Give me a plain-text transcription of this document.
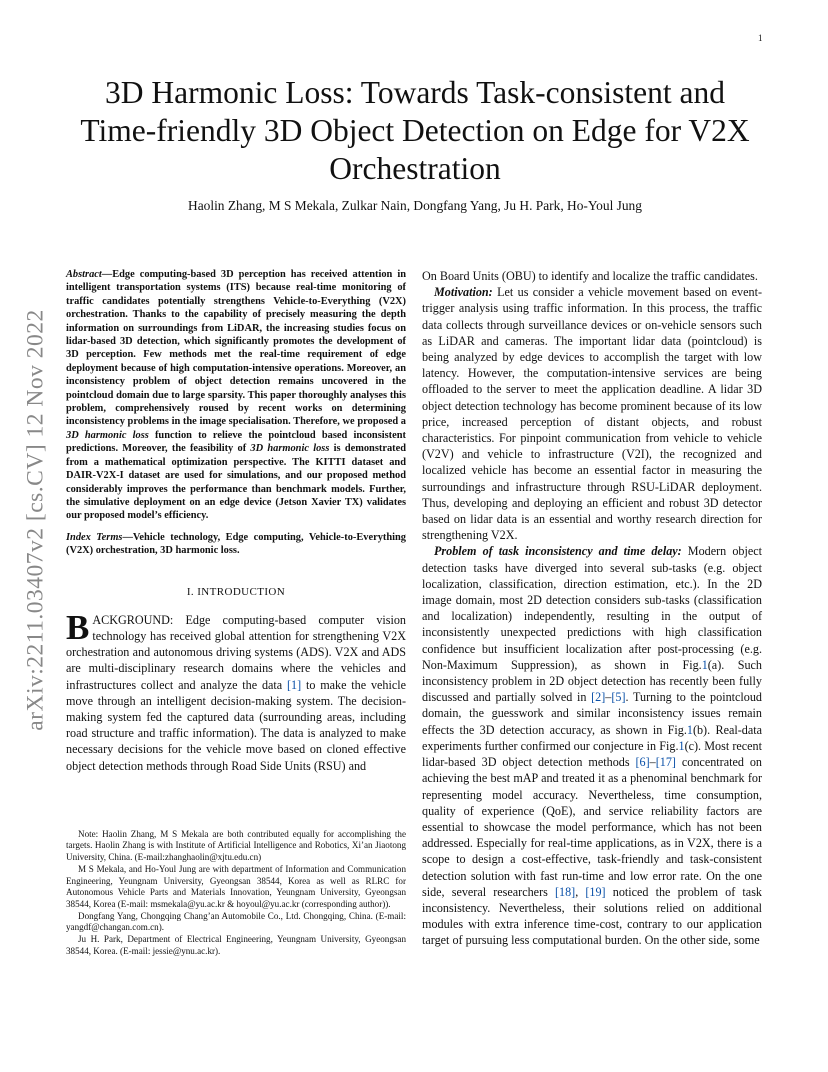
1
arXiv:2211.03407v2 [cs.CV] 12 Nov 2022
3D Harmonic Loss: Towards Task-consistent and Time-friendly 3D Object Detection on Edge for V2X Orchestration
Haolin Zhang, M S Mekala, Zulkar Nain, Dongfang Yang, Ju H. Park, Ho-Youl Jung

Abstract—Edge computing-based 3D perception has received attention in intelligent transportation systems (ITS) because real-time monitoring of traffic candidates potentially strengthens Vehicle-to-Everything (V2X) orchestration. Thanks to the capability of precisely measuring the depth information on surroundings from LiDAR, the increasing studies focus on lidar-based 3D detection, which significantly promotes the development of 3D perception. Few methods met the real-time requirement of edge deployment because of high computation-intensive operations. Moreover, an inconsistency problem of object detection remains uncovered in the pointcloud domain due to large sparsity. This paper thoroughly analyses this problem, comprehensively roused by recent works on determining inconsistency problems in the image specialisation. Therefore, we proposed a 3D harmonic loss function to relieve the pointcloud based inconsistent predictions. Moreover, the feasibility of 3D harmonic loss is demonstrated from a mathematical optimization perspective. The KITTI dataset and DAIR-V2X-I dataset are used for simulations, and our proposed method considerably improves the performance than benchmark models. Further, the simulative deployment on an edge device (Jetson Xavier TX) validates our proposed model’s efficiency.

Index Terms—Vehicle technology, Edge computing, Vehicle-to-Everything (V2X) orchestration, 3D harmonic loss.

I. INTRODUCTION

BACKGROUND: Edge computing-based computer vision technology has received global attention for strengthening V2X orchestration and autonomous driving systems (ADS). V2X and ADS are multi-disciplinary research domains where the vehicles and infrastructures collect and analyze the data [1] to make the vehicle move through an intelligent decision-making system. The decision-making system fed the captured data (surrounding areas, including road structure and traffic information). The data is analyzed to make necessary decisions for the vehicle move based on cloned effective object detection methods through Road Side Units (RSU) and

Note: Haolin Zhang, M S Mekala are both contributed equally for accomplishing the targets. Haolin Zhang is with Institute of Artificial Intelligence and Robotics, Xi’an Jiaotong University, China. (E-mail:zhanghaolin@xjtu.edu.cn)

M S Mekala, and Ho-Youl Jung are with department of Information and Communication Engineering, Yeungnam University, Gyeongsan 38544, Korea as well as RLRC for Autonomous Vehicle Parts and Materials Innovation, Yeungnam University, Gyeongsan 38544, Korea (E-mail: msmekala@yu.ac.kr & hoyoul@yu.ac.kr (corresponding author)).

Dongfang Yang, Chongqing Chang’an Automobile Co., Ltd. Chongqing, China. (E-mail: yangdf@changan.com.cn).

Ju H. Park, Department of Electrical Engineering, Yeungnam University, Gyeongsan 38544, Korea. (E-mail: jessie@ynu.ac.kr).

On Board Units (OBU) to identify and localize the traffic candidates.

Motivation: Let us consider a vehicle movement based on event-trigger analysis using traffic information. In this process, the traffic data collects through surveillance devices or on-vehicle sensors such as LiDAR and cameras. The important lidar data (pointcloud) is being analyzed by edge devices to accomplish the target with low latency. However, the computation-intensive services are being offloaded to the server to meet the application deadline. A lidar 3D object detection technology has become prominent because of its low price, increased perception of distant objects, and robust characteristics. For pinpoint communication from vehicle to vehicle (V2V) and vehicle to infrastructure (V2I), the recognized and localized vehicle has become an essential factor in measuring the surroundings and infrastructure through RSU-LiDAR deployment. Thus, developing and deploying an efficient and robust 3D detector based on lidar data is an essential and worthy research direction for strengthening V2X.

Problem of task inconsistency and time delay: Modern object detection tasks have diverged into several sub-tasks (e.g. object localization, classification, direction estimation, etc.). In the 2D image domain, most 2D detection considers sub-tasks (classification and localization) independently, resulting in the output of inconsistently unexpected predictions with high classification confidence but insufficient localization after post-processing (e.g. Non-Maximum Suppression), as shown in Fig.1(a). Such inconsistency problem in 2D object detection has recently been fully discussed and partially solved in [2]–[5]. Turning to the pointcloud domain, the guesswork and similar inconsistency issues remain effects the 3D detection accuracy, as shown in Fig.1(b). Real-data experiments further confirmed our conjecture in Fig.1(c). Most recent lidar-based 3D object detection methods [6]–[17] concentrated on achieving the best mAP and treated it as a phenominal benchmark for representing model accuracy. Nevertheless, time consumption, quality of experience (QoE), and service reliability factors are essential to showcase the model performance, which has not been addressed. Especially for real-time applications, as in V2X, there is a scope to design a cost-effective, task-friendly and task-consistent detection solution with fast run-time and low error rate. On the one side, several researchers [18], [19] noticed the problem of task inconsistency. Nevertheless, their solutions relied on additional modules with extra inference time-cost, contrary to our application target of pursuing less computational burden. On the other side, some
